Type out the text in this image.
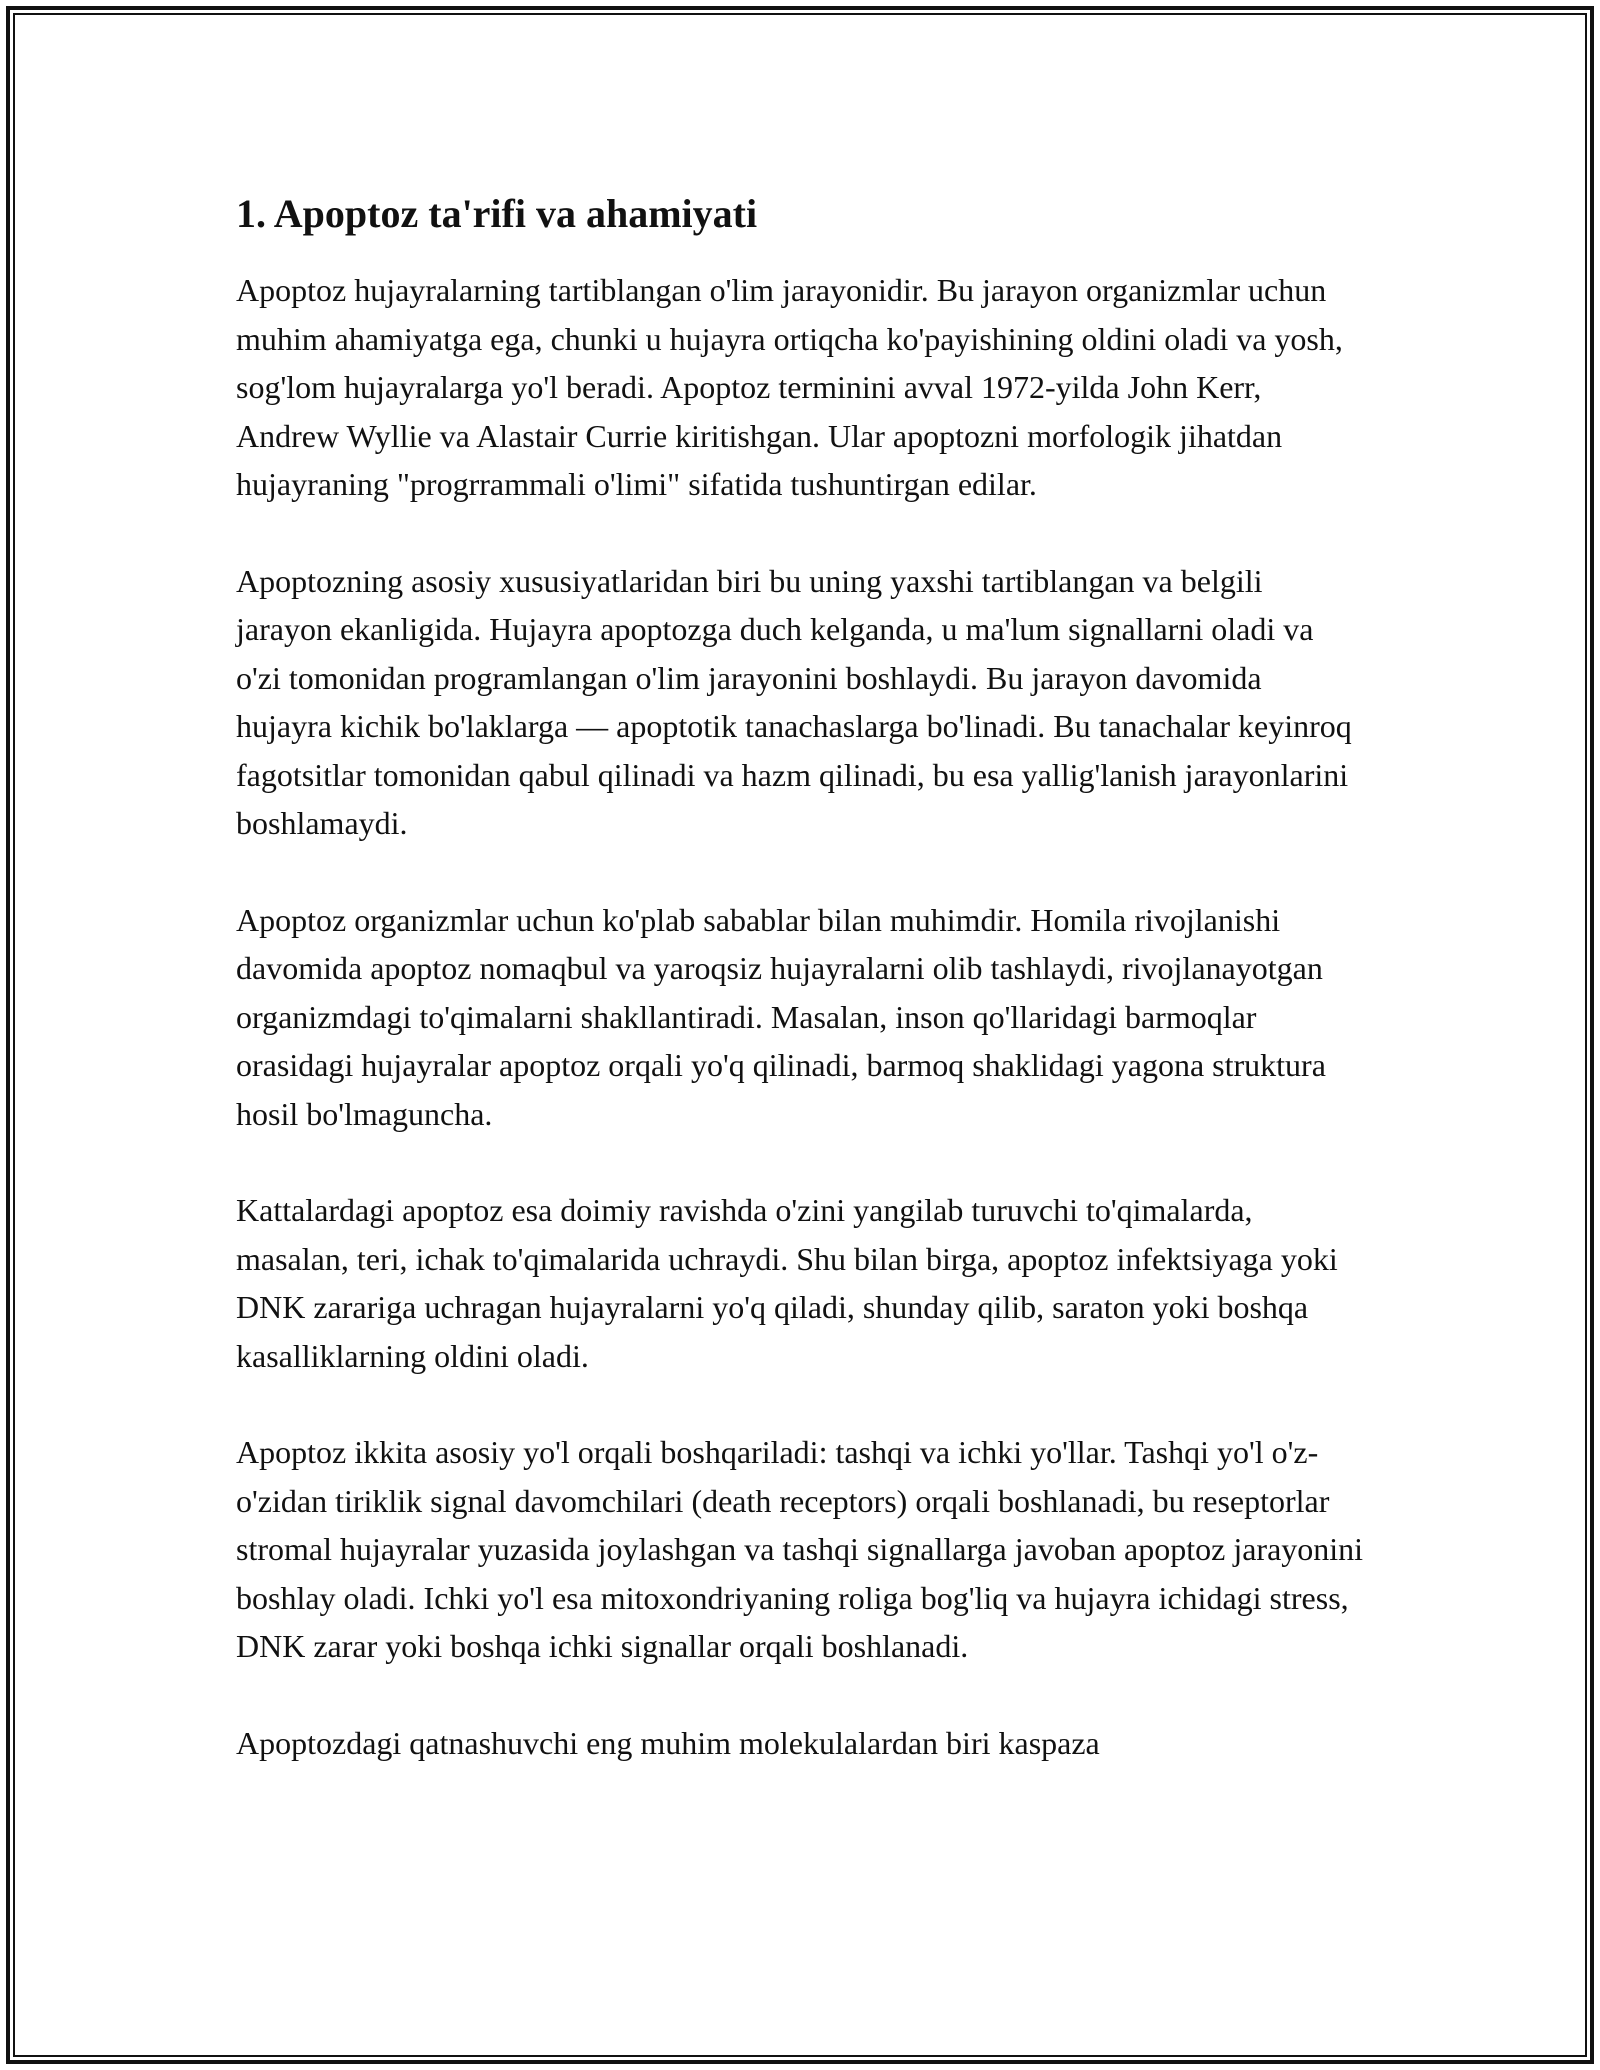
1. Apoptoz ta'rifi va ahamiyati

Apoptoz hujayralarning tartiblangan o'lim jarayonidir. Bu jarayon organizmlar uchun muhim ahamiyatga ega, chunki u hujayra ortiqcha ko'payishining oldini oladi va yosh, sog'lom hujayralarga yo'l beradi. Apoptoz terminini avval 1972-yilda John Kerr, Andrew Wyllie va Alastair Currie kiritishgan. Ular apoptozni morfologik jihatdan hujayraning "progrrammali o'limi" sifatida tushuntirgan edilar.

Apoptozning asosiy xususiyatlaridan biri bu uning yaxshi tartiblangan va belgili jarayon ekanligida. Hujayra apoptozga duch kelganda, u ma'lum signallarni oladi va o'zi tomonidan programlangan o'lim jarayonini boshlaydi. Bu jarayon davomida hujayra kichik bo'laklarga — apoptotik tanachaslarga bo'linadi. Bu tanachalar keyinroq fagotsitlar tomonidan qabul qilinadi va hazm qilinadi, bu esa yallig'lanish jarayonlarini boshlamaydi.

Apoptoz organizmlar uchun ko'plab sabablar bilan muhimdir. Homila rivojlanishi davomida apoptoz nomaqbul va yaroqsiz hujayralarni olib tashlaydi, rivojlanayotgan organizmdagi to'qimalarni shakllantiradi. Masalan, inson qo'llaridagi barmoqlar orasidagi hujayralar apoptoz orqali yo'q qilinadi, barmoq shaklidagi yagona struktura hosil bo'lmaguncha.

Kattalardagi apoptoz esa doimiy ravishda o'zini yangilab turuvchi to'qimalarda, masalan, teri, ichak to'qimalarida uchraydi. Shu bilan birga, apoptoz infektsiyaga yoki DNK zarariga uchragan hujayralarni yo'q qiladi, shunday qilib, saraton yoki boshqa kasalliklarning oldini oladi.

Apoptoz ikkita asosiy yo'l orqali boshqariladi: tashqi va ichki yo'llar. Tashqi yo'l o'z-o'zidan tiriklik signal davomchilari (death receptors) orqali boshlanadi, bu reseptorlar stromal hujayralar yuzasida joylashgan va tashqi signallarga javoban apoptoz jarayonini boshlay oladi. Ichki yo'l esa mitoxondriyaning roliga bog'liq va hujayra ichidagi stress, DNK zarar yoki boshqa ichki signallar orqali boshlanadi.

Apoptozdagi qatnashuvchi eng muhim molekulalardan biri kaspaza
